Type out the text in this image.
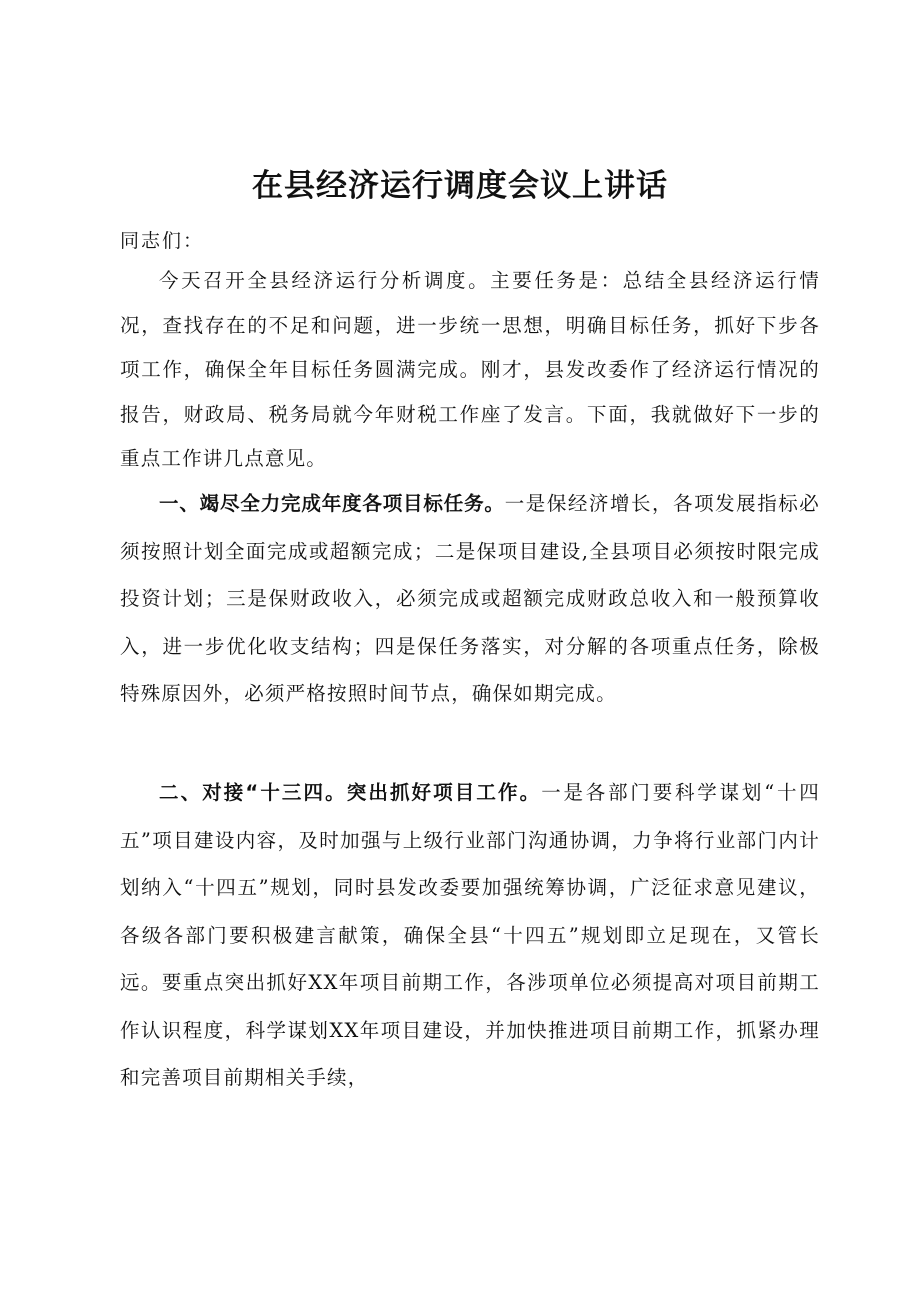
在县经济运行调度会议上讲话

同志们：

今天召开全县经济运行分析调度。主要任务是：总结全县经济运行情况，查找存在的不足和问题，进一步统一思想，明确目标任务，抓好下步各项工作，确保全年目标任务圆满完成。刚才，县发改委作了经济运行情况的报告，财政局、税务局就今年财税工作座了发言。下面，我就做好下一步的重点工作讲几点意见。

一、竭尽全力完成年度各项目标任务。一是保经济增长，各项发展指标必须按照计划全面完成或超额完成；二是保项目建设,全县项目必须按时限完成投资计划；三是保财政收入，必须完成或超额完成财政总收入和一般预算收入，进一步优化收支结构；四是保任务落实，对分解的各项重点任务，除极特殊原因外，必须严格按照时间节点，确保如期完成。

二、对接“十三四。突出抓好项目工作。一是各部门要科学谋划“十四五”项目建设内容，及时加强与上级行业部门沟通协调，力争将行业部门内计划纳入“十四五”规划，同时县发改委要加强统筹协调，广泛征求意见建议，各级各部门要积极建言献策，确保全县“十四五”规划即立足现在，又管长远。要重点突出抓好XX年项目前期工作，各涉项单位必须提高对项目前期工作认识程度，科学谋划XX年项目建设，并加快推进项目前期工作，抓紧办理和完善项目前期相关手续，
